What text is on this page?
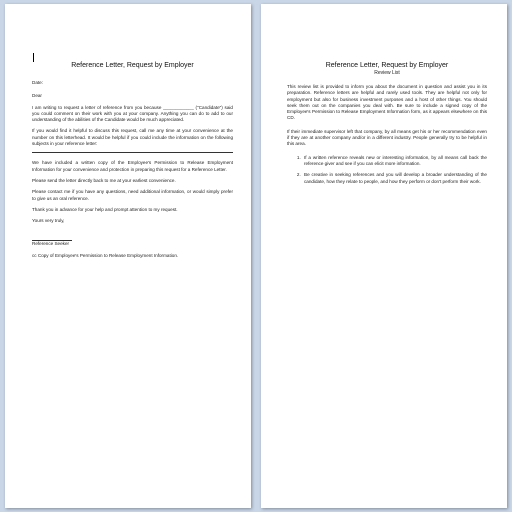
Reference Letter, Request by Employer

Date:

Dear

I am writing to request a letter of reference from you because ____________ ("Candidate") said you could comment on their work with you at your company. Anything you can do to add to our understanding of the abilities of the Candidate would be much appreciated.

If you would find it helpful to discuss this request, call me any time at your convenience at the number on this letterhead. It would be helpful if you could include the information on the following subjects in your reference letter:

We have included a written copy of the Employee's Permission to Release Employment Information for your convenience and protection in preparing this request for a Reference Letter.

Please send the letter directly back to me at your earliest convenience.

Please contact me if you have any questions, need additional information, or would simply prefer to give us an oral reference.

Thank you in advance for your help and prompt attention to my request.

Yours very truly,

Reference Seeker

cc Copy of Employee's Permission to Release Employment Information.

Reference Letter, Request by Employer

Review List

This review list is provided to inform you about the document in question and assist you in its preparation. Reference letters are helpful and rarely used tools. They are helpful not only for employment but also for business investment purposes and a host of other things. You should seek them out on the companies you deal with. Be sure to include a signed copy of the Employee's Permission to Release Employment Information form, as it appears elsewhere on this CD.

If their immediate supervisor left that company, by all means get his or her recommendation even if they are at another company and/or in a different industry. People generally try to be helpful in this area.

1. If a written reference reveals new or interesting information, by all means call back the reference giver and see if you can elicit more information.
2. Be creative in seeking references and you will develop a broader understanding of the candidate, how they relate to people, and how they perform or don't perform their work.
